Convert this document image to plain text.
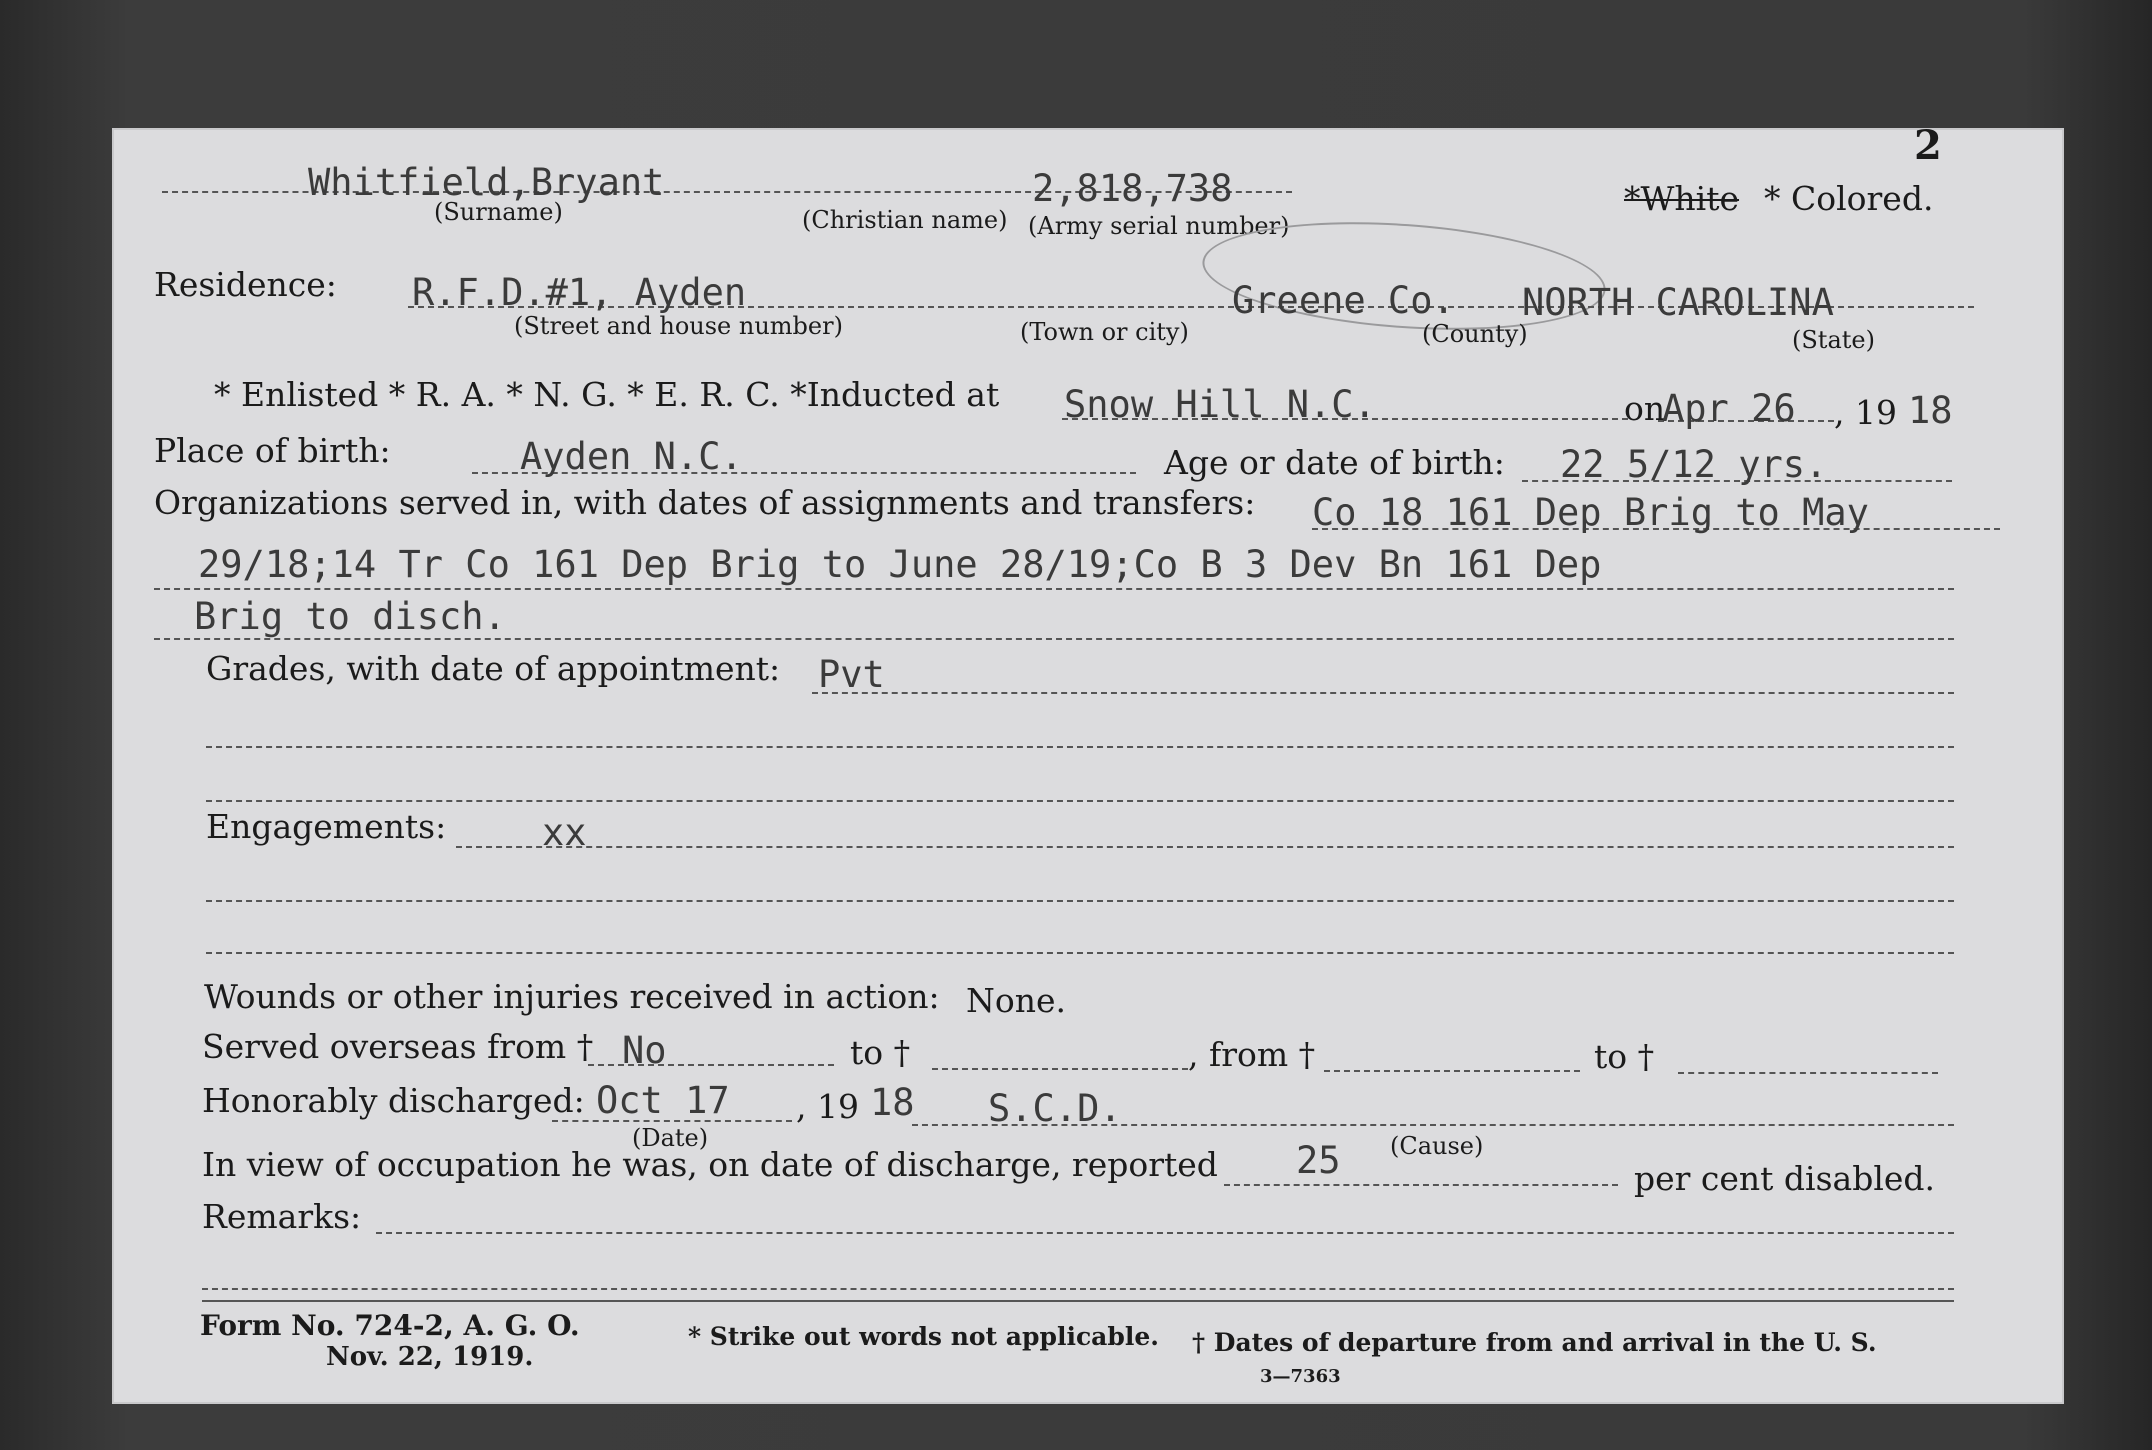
2
Whitfield,Bryant
(Surname)	(Christian name)
2,818,738
(Army serial number)
*White * Colored.
Residence: R.F.D.#1, Ayden
(Street and house number)	(Town or city)
Greene Co. NORTH CAROLINA
(County)	(State)
* Enlisted * R. A. * N. G. * E. R. C. *Inducted at Snow Hill N.C.	on
Apr 26 , 19 18
Place of birth:	Ayden N.C.	Age or date of birth: 22 5/12 yrs.
Organizations served in, with dates of assignments and transfers: Co 18 161 Dep Brig to May
29/18;14 Tr Co 161 Dep Brig to June 28/19;Co B 3 Dev Bn 161 Dep
Brig to disch.
Grades, with date of appointment: Pvt
Engagements:	xx
Wounds or other injuries received in action: None.
Served overseas from † No	to †	, from †	to †
Honorably discharged: Oct 17 , 19 18 S.C.D.
(Date)	(Cause)
In view of occupation he was, on date of discharge, reported 25	per cent disabled.
Remarks:
Form No. 724-2, A. G. O.
Nov. 22, 1919.
* Strike out words not applicable. † Dates of departure from and arrival in the U. S.
3—7363
